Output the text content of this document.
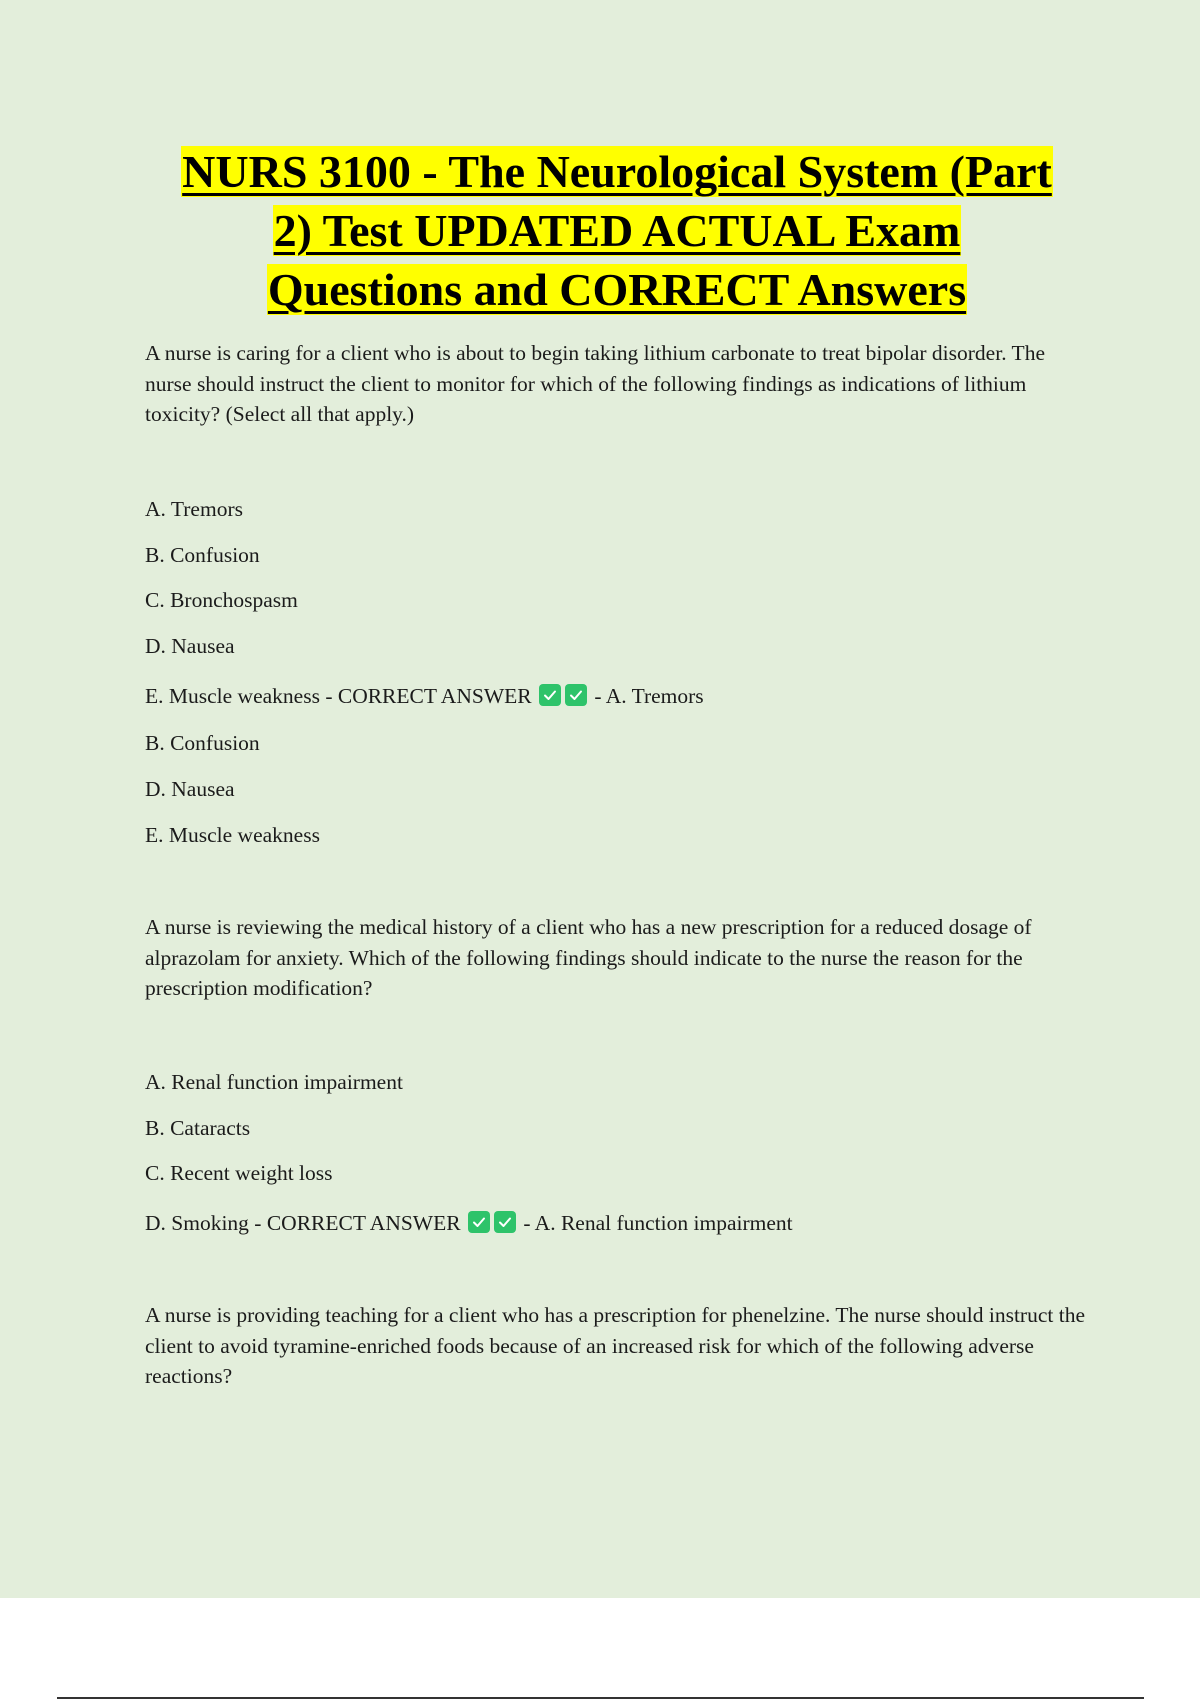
NURS 3100 - The Neurological System (Part
2) Test UPDATED ACTUAL Exam
Questions and CORRECT Answers

A nurse is caring for a client who is about to begin taking lithium carbonate to treat bipolar disorder. The nurse should instruct the client to monitor for which of the following findings as indications of lithium toxicity? (Select all that apply.)

A. Tremors

B. Confusion

C. Bronchospasm

D. Nausea

E. Muscle weakness - CORRECT ANSWER	- A. Tremors

B. Confusion

D. Nausea

E. Muscle weakness

A nurse is reviewing the medical history of a client who has a new prescription for a reduced dosage of alprazolam for anxiety. Which of the following findings should indicate to the nurse the reason for the prescription modification?

A. Renal function impairment

B. Cataracts

C. Recent weight loss

D. Smoking - CORRECT ANSWER	- A. Renal function impairment

A nurse is providing teaching for a client who has a prescription for phenelzine. The nurse should instruct the client to avoid tyramine-enriched foods because of an increased risk for which of the following adverse reactions?
